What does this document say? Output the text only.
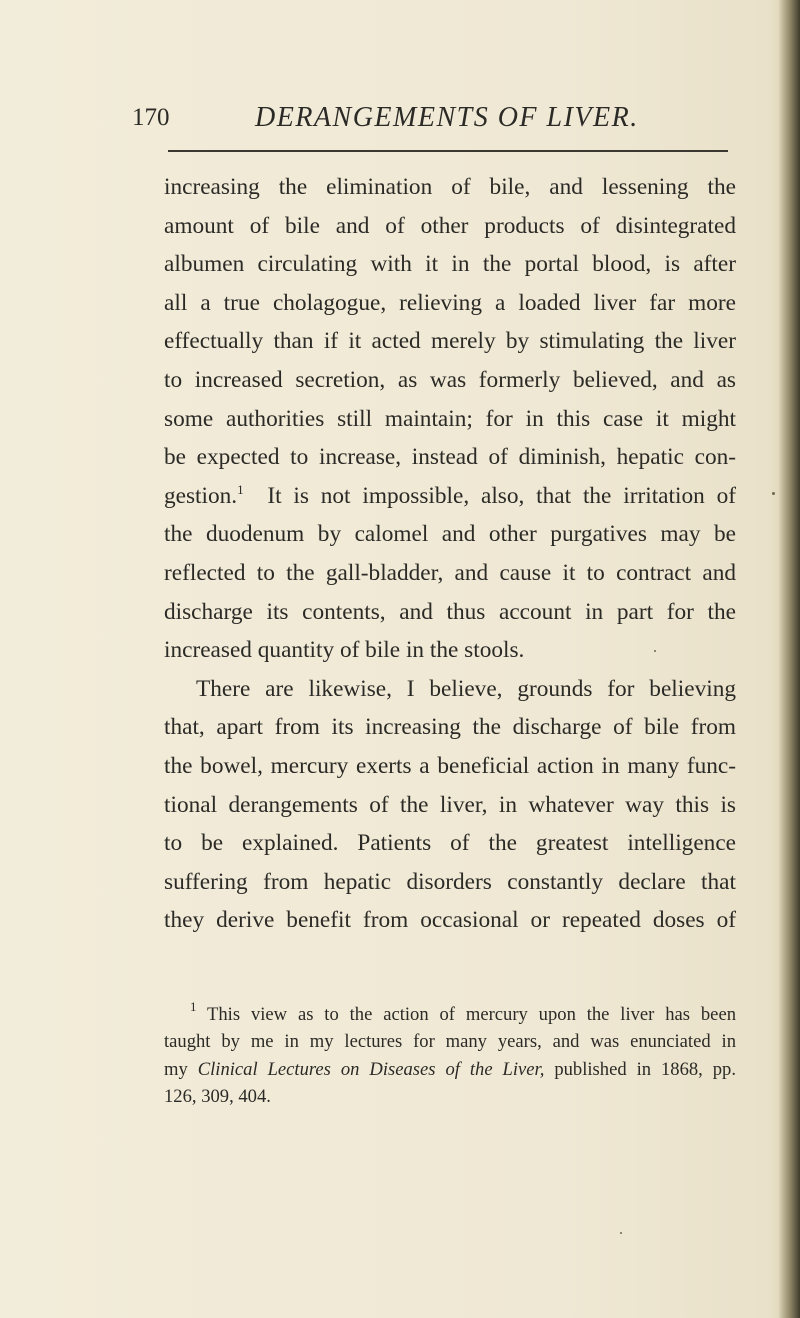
170	DERANGEMENTS OF LIVER.
increasing the elimination of bile, and lessening the
amount of bile and of other products of disintegrated
albumen circulating with it in the portal blood, is after
all a true cholagogue, relieving a loaded liver far more
effectually than if it acted merely by stimulating the liver
to increased secretion, as was formerly believed, and as
some authorities still maintain; for in this case it might
be expected to increase, instead of diminish, hepatic con-
gestion.$^1$ It is not impossible, also, that the irritation of
the duodenum by calomel and other purgatives may be
reflected to the gall-bladder, and cause it to contract and
discharge its contents, and thus account in part for the
increased quantity of bile in the stools.
There are likewise, I believe, grounds for believing
that, apart from its increasing the discharge of bile from
the bowel, mercury exerts a beneficial action in many func-
tional derangements of the liver, in whatever way this is
to be explained. Patients of the greatest intelligence
suffering from hepatic disorders constantly declare that
they derive benefit from occasional or repeated doses of
$^1$ This view as to the action of mercury upon the liver has been
taught by me in my lectures for many years, and was enunciated in
my Clinical Lectures on Diseases of the Liver, published in 1868, pp.
126, 309, 404.
